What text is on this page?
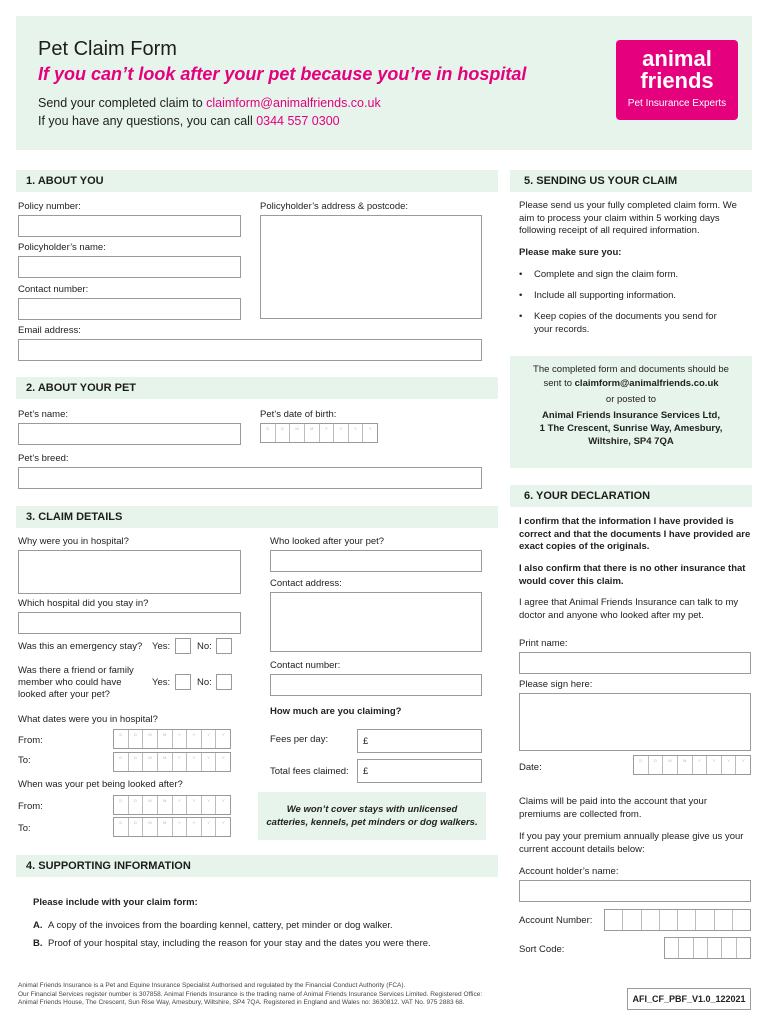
Pet Claim Form
If you can’t look after your pet because you’re in hospital
Send your completed claim to claimform@animalfriends.co.uk
If you have any questions, you can call 0344 557 0300
animal
friends
Pet Insurance Experts
1. ABOUT YOU
Policy number:	Policyholder’s address & postcode:
Policyholder’s name:
Contact number:
Email address:
2. ABOUT YOUR PET
Pet’s name:	Pet’s date of birth:
D	D	M	M	Y	Y	Y	Y
Pet’s breed:
3. CLAIM DETAILS
Why were you in hospital?	Who looked after your pet?
Contact address:
Which hospital did you stay in?
Was this an emergency stay? Yes:	No:
Was there a friend or family
member who could have
looked after your pet?
Yes:	No:
Contact number:
How much are you claiming?
What dates were you in hospital?
From:
D	D	M	M	Y	Y	Y	Y
To:	D	D	M	M	Y	Y	Y	Y
Fees per day:	£
Total fees claimed: £
When was your pet being looked after?
From:
D	D	M	M	Y	Y	Y	Y
To:
D	D	M	M	Y	Y	Y	Y
We won’t cover stays with unlicensed catteries, kennels, pet minders or dog walkers.
4. SUPPORTING INFORMATION
Please include with your claim form:
A. A copy of the invoices from the boarding kennel, cattery, pet minder or dog walker.
B. Proof of your hospital stay, including the reason for your stay and the dates you were there.
5. SENDING US YOUR CLAIM
Please send us your fully completed claim form. We aim to process your claim within 5 working days following receipt of all required information.
Please make sure you:
• Complete and sign the claim form.
• Include all supporting information.
• Keep copies of the documents you send for your records.
The completed form and documents should be
sent to claimform@animalfriends.co.uk
or posted to
Animal Friends Insurance Services Ltd,
1 The Crescent, Sunrise Way, Amesbury,
Wiltshire, SP4 7QA
6. YOUR DECLARATION
I confirm that the information I have provided is correct and that the documents I have provided are exact copies of the originals.
I also confirm that there is no other insurance that would cover this claim.
I agree that Animal Friends Insurance can talk to my doctor and anyone who looked after my pet.
Print name:
Please sign here:
Date:
D	D	M	M	Y	Y	Y	Y
Claims will be paid into the account that your premiums are collected from.
If you pay your premium annually please give us your current account details below:
Account holder’s name:
Account Number:
Sort Code:
Animal Friends Insurance is a Pet and Equine Insurance Specialist Authorised and regulated by the Financial Conduct Authority (FCA).
Our Financial Services register number is 307858. Animal Friends Insurance is the trading name of Animal Friends Insurance Services Limited. Registered Office:
Animal Friends House, The Crescent, Sun Rise Way, Amesbury, Wiltshire, SP4 7QA. Registered in England and Wales no: 3630812. VAT No. 975 2883 68.	AFI_CF_PBF_V1.0_122021
